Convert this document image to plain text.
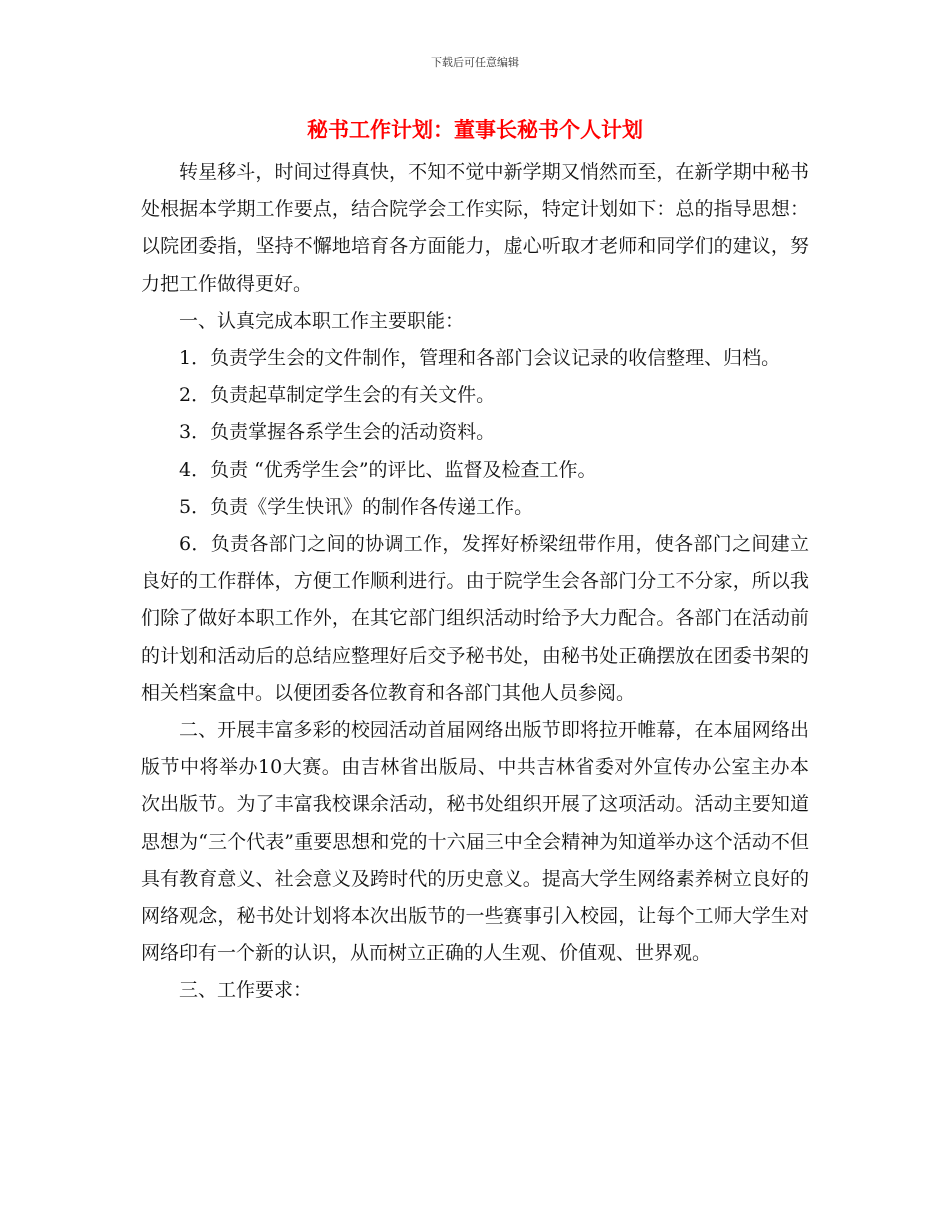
下载后可任意编辑
秘书工作计划：董事长秘书个人计划

转星移斗，时间过得真快，不知不觉中新学期又悄然而至，在新学期中秘书处根据本学期工作要点，结合院学会工作实际，特定计划如下：总的指导思想：以院团委指，坚持不懈地培育各方面能力，虚心听取才老师和同学们的建议，努力把工作做得更好。

一、认真完成本职工作主要职能：

1．负责学生会的文件制作，管理和各部门会议记录的收信整理、归档。

2．负责起草制定学生会的有关文件。

3．负责掌握各系学生会的活动资料。

4．负责 “优秀学生会”的评比、监督及检查工作。

5．负责《学生快讯》的制作各传递工作。

6．负责各部门之间的协调工作，发挥好桥梁纽带作用，使各部门之间建立良好的工作群体，方便工作顺利进行。由于院学生会各部门分工不分家，所以我们除了做好本职工作外，在其它部门组织活动时给予大力配合。各部门在活动前的计划和活动后的总结应整理好后交予秘书处，由秘书处正确摆放在团委书架的相关档案盒中。以便团委各位教育和各部门其他人员参阅。

二、开展丰富多彩的校园活动首届网络出版节即将拉开帷幕，在本届网络出版节中将举办10大赛。由吉林省出版局、中共吉林省委对外宣传办公室主办本次出版节。为了丰富我校课余活动，秘书处组织开展了这项活动。活动主要知道思想为“三个代表”重要思想和党的十六届三中全会精神为知道举办这个活动不但具有教育意义、社会意义及跨时代的历史意义。提高大学生网络素养树立良好的网络观念，秘书处计划将本次出版节的一些赛事引入校园，让每个工师大学生对网络印有一个新的认识，从而树立正确的人生观、价值观、世界观。

三、工作要求：
